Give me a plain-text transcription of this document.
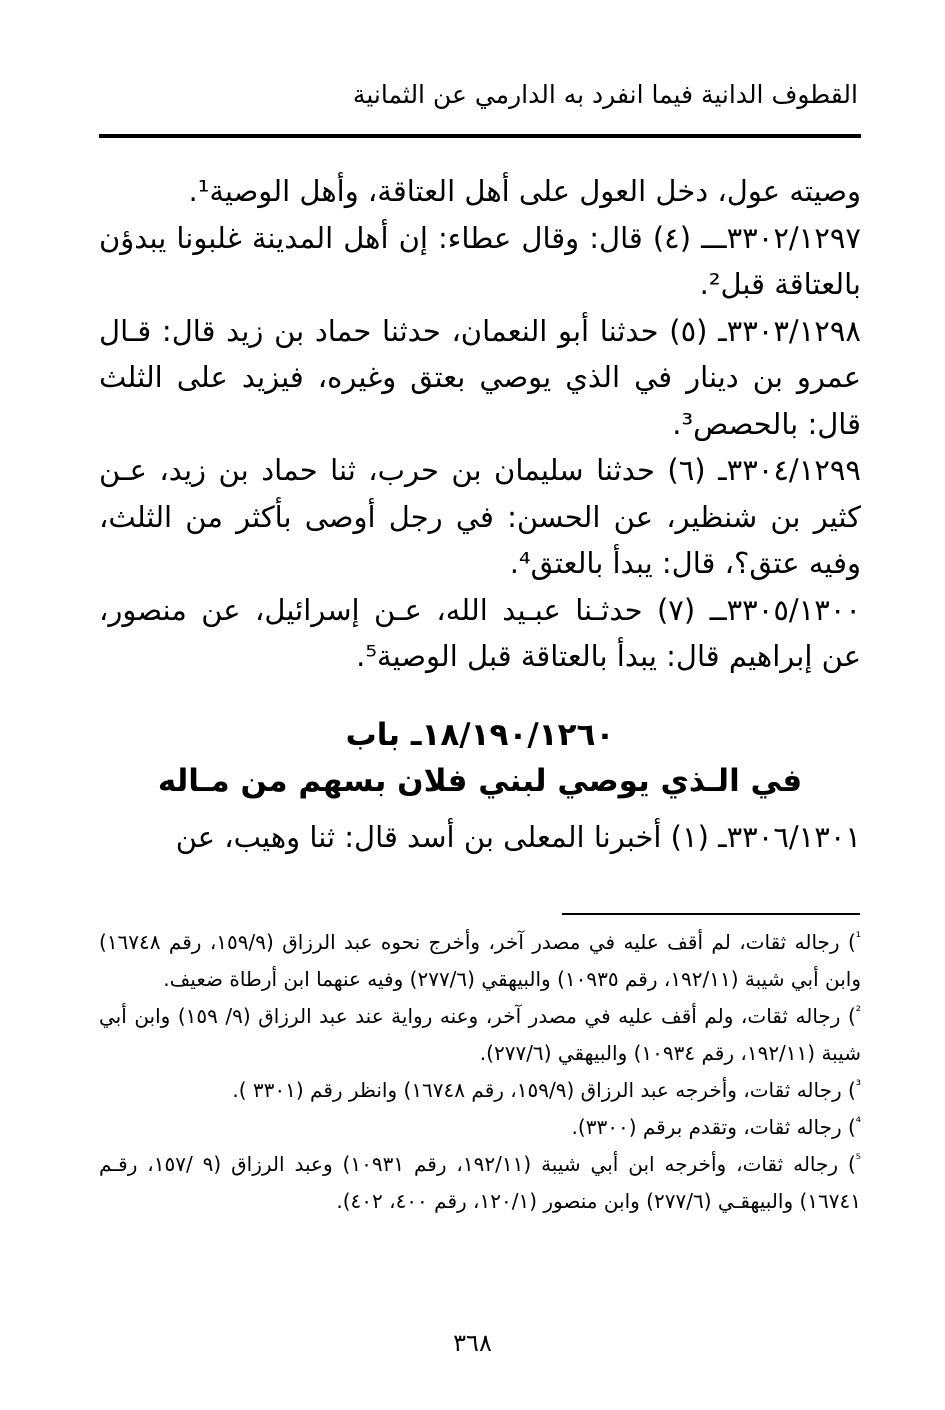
القطوف الدانية فيما انفرد به الدارمي عن الثمانية

وصيته عول، دخل العول على أهل العتاقة، وأهل الوصية¹.

٣٣٠٢/١٢٩٧ـــ (٤) قال: وقال عطاء: إن أهل المدينة غلبونا يبدؤن بالعتاقة قبل².

٣٣٠٣/١٢٩٨ـ (٥) حدثنا أبو النعمان، حدثنا حماد بن زيد قال: قـال عمرو بن دينار في الذي يوصي بعتق وغيره، فيزيد على الثلث قال: بالحصص³.

٣٣٠٤/١٢٩٩ـ (٦) حدثنا سليمان بن حرب، ثنا حماد بن زيد، عـن كثير بن شنظير، عن الحسن: في رجل أوصى بأكثر من الثلث، وفيه عتق؟، قال: يبدأ بالعتق⁴.

٣٣٠٥/١٣٠٠ــ (٧) حدثـنا عبـيد الله، عـن إسرائيل، عن منصور، عن إبراهيم قال: يبدأ بالعتاقة قبل الوصية⁵.

١٨/١٩٠/١٢٦٠ـ باب
في الـذي يوصي لبني فلان بسهم من مـاله
٣٣٠٦/١٣٠١ـ (١) أخبرنا المعلى بن أسد قال: ثنا وهيب، عن

$^{^1}$) رجاله ثقات، لم أقف عليه في مصدر آخر، وأخرج نحوه عبد الرزاق (١٥٩/٩، رقم ١٦٧٤٨) وابن أبي شيبة (١٩٢/١١، رقم ١٠٩٣٥) والبيهقي (٢٧٧/٦) وفيه عنهما ابن أرطاة ضعيف.

$^{^2}$) رجاله ثقات، ولم أقف عليه في مصدر آخر، وعنه رواية عند عبد الرزاق (٩/ ١٥٩) وابن أبي شيبة (١٩٢/١١، رقم ١٠٩٣٤) والبيهقي (٢٧٧/٦).

$^{^3}$) رجاله ثقات، وأخرجه عبد الرزاق (١٥٩/٩، رقم ١٦٧٤٨) وانظر رقم (٣٣٠١ ).

$^{^4}$) رجاله ثقات، وتقدم برقم (٣٣٠٠).

$^{^5}$) رجاله ثقات، وأخرجه ابن أبي شيبة (١٩٢/١١، رقم ١٠٩٣١) وعبد الرزاق (٩ /١٥٧، رقـم ١٦٧٤١) والبيهقـي (٢٧٧/٦) وابن منصور (١٢٠/١، رقم ٤٠٠، ٤٠٢).

٣٦٨
